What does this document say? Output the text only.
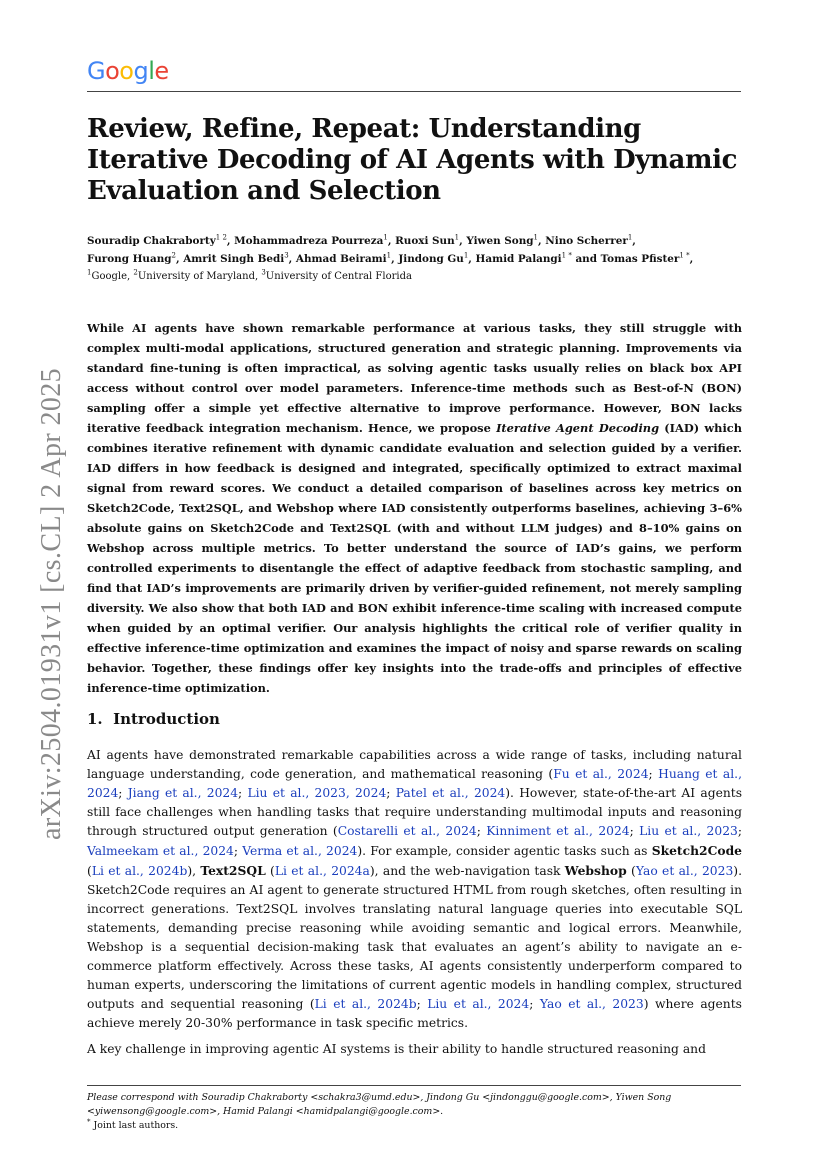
Google
Review, Refine, Repeat: Understanding Iterative Decoding of AI Agents with Dynamic Evaluation and Selection
Souradip Chakraborty$^{1 2}$, Mohammadreza Pourreza$^1$, Ruoxi Sun$^1$, Yiwen Song$^1$, Nino Scherrer$^1$,
Furong Huang$^2$, Amrit Singh Bedi$^3$, Ahmad Beirami$^1$, Jindong Gu$^1$, Hamid Palangi$^{1 *}$ and Tomas Pfister$^{1 *}$,
$^1$Google, $^2$University of Maryland, $^3$University of Central Florida

While AI agents have shown remarkable performance at various tasks, they still struggle with complex multi-modal applications, structured generation and strategic planning. Improvements via standard fine-tuning is often impractical, as solving agentic tasks usually relies on black box API access without control over model parameters. Inference-time methods such as Best-of-N (BON) sampling offer a simple yet effective alternative to improve performance. However, BON lacks iterative feedback integration mechanism. Hence, we propose Iterative Agent Decoding (IAD) which combines iterative refinement with dynamic candidate evaluation and selection guided by a verifier. IAD differs in how feedback is designed and integrated, specifically optimized to extract maximal signal from reward scores. We conduct a detailed comparison of baselines across key metrics on Sketch2Code, Text2SQL, and Webshop where IAD consistently outperforms baselines, achieving 3–6% absolute gains on Sketch2Code and Text2SQL (with and without LLM judges) and 8–10% gains on Webshop across multiple metrics. To better understand the source of IAD’s gains, we perform controlled experiments to disentangle the effect of adaptive feedback from stochastic sampling, and find that IAD’s improvements are primarily driven by verifier-guided refinement, not merely sampling diversity. We also show that both IAD and BON exhibit inference-time scaling with increased compute when guided by an optimal verifier. Our analysis highlights the critical role of verifier quality in effective inference-time optimization and examines the impact of noisy and sparse rewards on scaling behavior. Together, these findings offer key insights into the trade-offs and principles of effective inference-time optimization.

1. Introduction

AI agents have demonstrated remarkable capabilities across a wide range of tasks, including natural language understanding, code generation, and mathematical reasoning (Fu et al., 2024; Huang et al., 2024; Jiang et al., 2024; Liu et al., 2023, 2024; Patel et al., 2024). However, state-of-the-art AI agents still face challenges when handling tasks that require understanding multimodal inputs and reasoning through structured output generation (Costarelli et al., 2024; Kinniment et al., 2024; Liu et al., 2023; Valmeekam et al., 2024; Verma et al., 2024). For example, consider agentic tasks such as Sketch2Code (Li et al., 2024b), Text2SQL (Li et al., 2024a), and the web-navigation task Webshop (Yao et al., 2023). Sketch2Code requires an AI agent to generate structured HTML from rough sketches, often resulting in incorrect generations. Text2SQL involves translating natural language queries into executable SQL statements, demanding precise reasoning while avoiding semantic and logical errors. Meanwhile, Webshop is a sequential decision-making task that evaluates an agent’s ability to navigate an e-commerce platform effectively. Across these tasks, AI agents consistently underperform compared to human experts, underscoring the limitations of current agentic models in handling complex, structured outputs and sequential reasoning (Li et al., 2024b; Liu et al., 2024; Yao et al., 2023) where agents achieve merely 20-30% performance in task specific metrics.

A key challenge in improving agentic AI systems is their ability to handle structured reasoning and

Please correspond with Souradip Chakraborty <schakra3@umd.edu>, Jindong Gu <jindonggu@google.com>, Yiwen Song <yiwensong@google.com>, Hamid Palangi <hamidpalangi@google.com>.
* Joint last authors.
arXiv:2504.01931v1 [cs.CL] 2 Apr 2025
